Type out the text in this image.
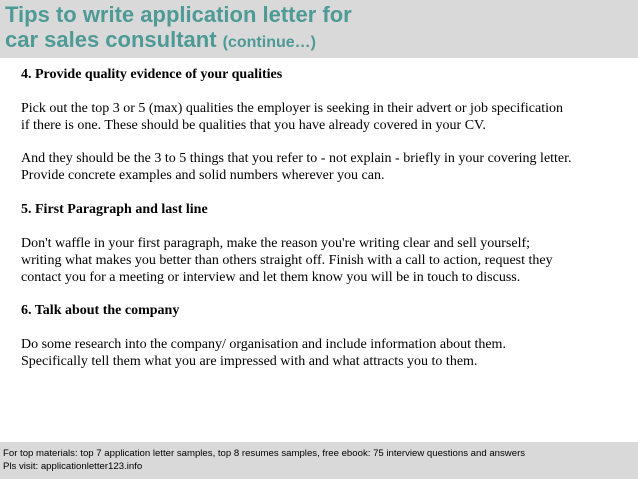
Tips to write application letter for
car sales consultant (continue…)

4. Provide quality evidence of your qualities

Pick out the top 3 or 5 (max) qualities the employer is seeking in their advert or job specification
if there is one. These should be qualities that you have already covered in your CV.

And they should be the 3 to 5 things that you refer to - not explain - briefly in your covering letter.
Provide concrete examples and solid numbers wherever you can.

5. First Paragraph and last line

Don't waffle in your first paragraph, make the reason you're writing clear and sell yourself;
writing what makes you better than others straight off. Finish with a call to action, request they
contact you for a meeting or interview and let them know you will be in touch to discuss.

6. Talk about the company

Do some research into the company/ organisation and include information about them.
Specifically tell them what you are impressed with and what attracts you to them.

For top materials: top 7 application letter samples, top 8 resumes samples, free ebook: 75 interview questions and answers
Pls visit: applicationletter123.info
